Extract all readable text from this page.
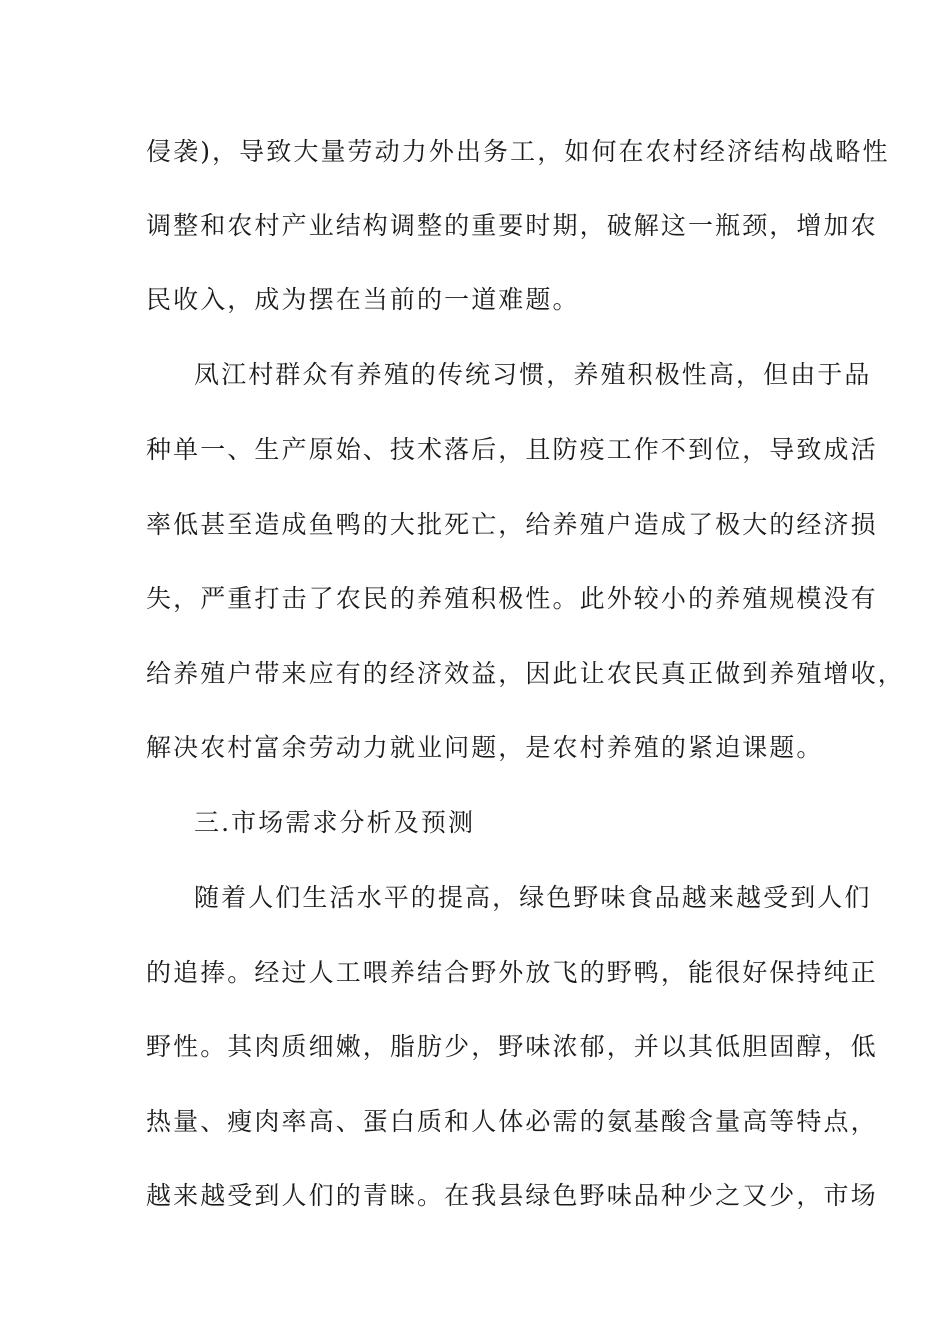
侵袭)，导致大量劳动力外出务工，如何在农村经济结构战略性
调整和农村产业结构调整的重要时期，破解这一瓶颈，增加农
民收入，成为摆在当前的一道难题。
凤江村群众有养殖的传统习惯，养殖积极性高，但由于品
种单一、生产原始、技术落后，且防疫工作不到位，导致成活
率低甚至造成鱼鸭的大批死亡，给养殖户造成了极大的经济损
失，严重打击了农民的养殖积极性。此外较小的养殖规模没有
给养殖户带来应有的经济效益，因此让农民真正做到养殖增收，
解决农村富余劳动力就业问题，是农村养殖的紧迫课题。
三.市场需求分析及预测
随着人们生活水平的提高，绿色野味食品越来越受到人们
的追捧。经过人工喂养结合野外放飞的野鸭，能很好保持纯正
野性。其肉质细嫩，脂肪少，野味浓郁，并以其低胆固醇，低
热量、瘦肉率高、蛋白质和人体必需的氨基酸含量高等特点，
越来越受到人们的青睐。在我县绿色野味品种少之又少，市场
